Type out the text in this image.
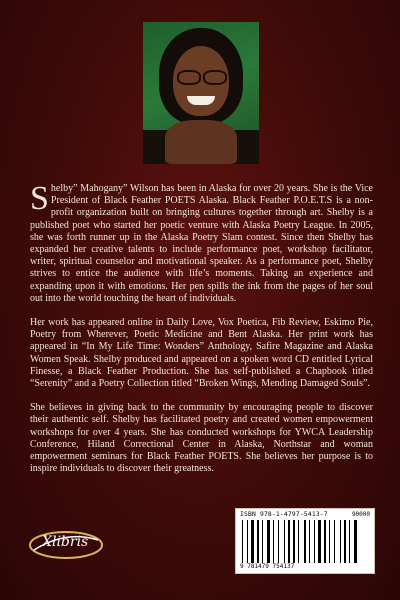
Shelby” Mahogany” Wilson has been in Alaska for over 20 years. She is the Vice President of Black Feather POETS Alaska. Black Feather P.O.E.T.S is a non-profit organization built on bringing cultures together through art. Shelby is a published poet who started her poetic venture with Alaska Poetry League. In 2005, she was forth runner up in the Alaska Poetry Slam contest. Since then Shelby has expanded her creative talents to include performance poet, workshop facilitator, writer, spiritual counselor and motivational speaker. As a performance poet, Shelby strives to entice the audience with life’s moments. Taking an experience and expanding upon it with emotions. Her pen spills the ink from the pages of her soul out into the world touching the heart of individuals.

Her work has appeared online in Daily Love, Vox Poetica, Fib Review, Eskimo Pie, Poetry from Wherever, Poetic Medicine and Bent Alaska. Her print work has appeared in “In My Life Time: Wonders” Anthology, Safire Magazine and Alaska Women Speak. Shelby produced and appeared on a spoken word CD entitled Lyrical Finesse, a Black Feather Production. She has self-published a Chapbook titled “Serenity” and a Poetry Collection titled “Broken Wings, Mending Damaged Souls”.

She believes in giving back to the community by encouraging people to discover their authentic self. Shelby has facilitated poetry and created women empowerment workshops for over 4 years. She has conducted workshops for YWCA Leadership Conference, Hiland Correctional Center in Alaska, Northstar and woman empowerment seminars for Black Feather POETS. She believes her purpose is to inspire individuals to discover their greatness.

Xlibris
ISBN 978-1-4797-5413-7
9 781479 754137
90000
